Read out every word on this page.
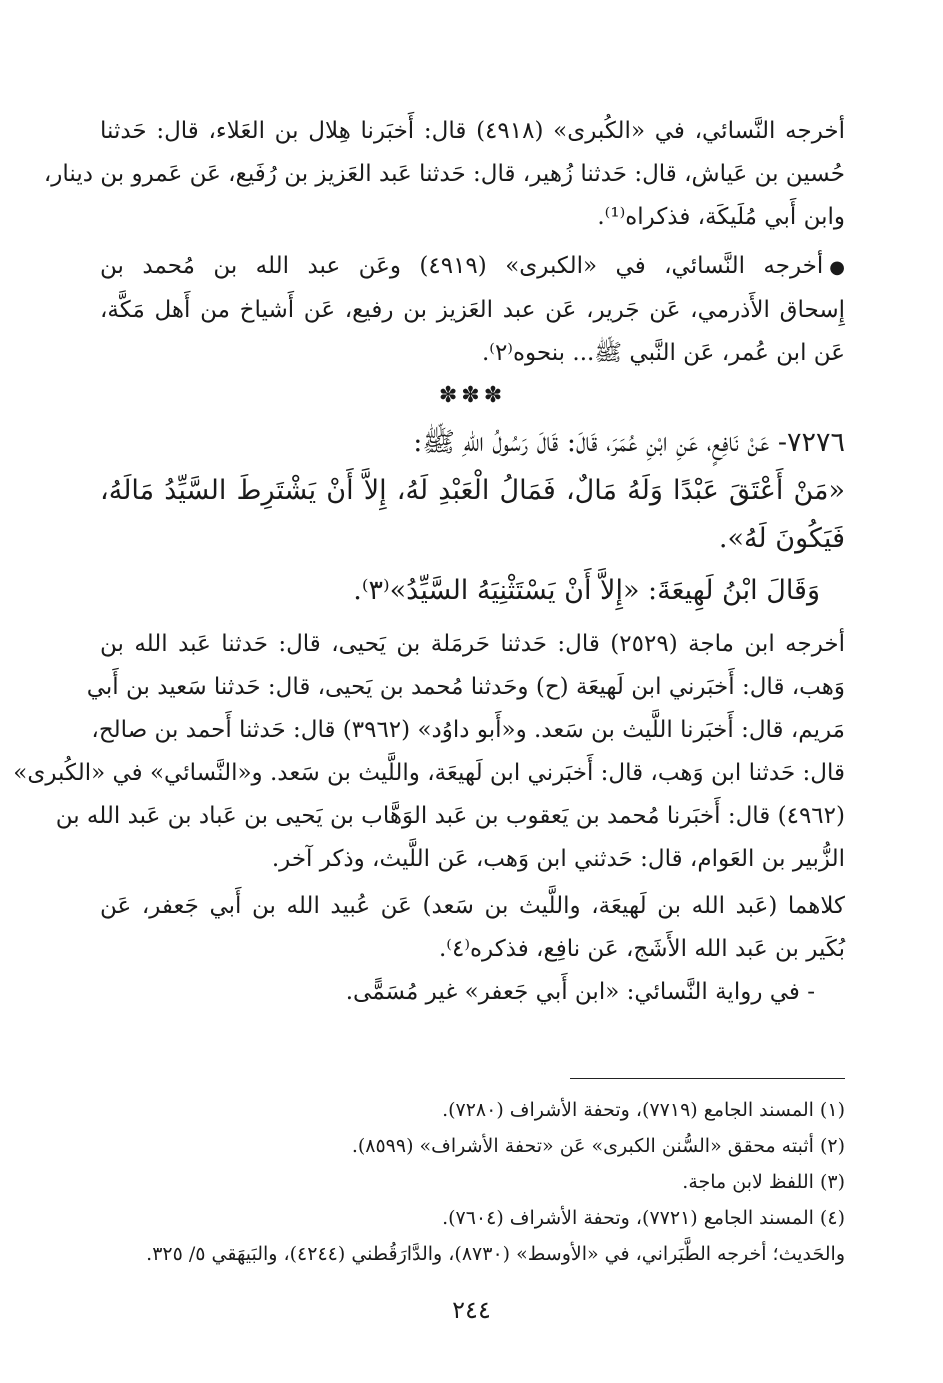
أخرجه النَّسائي، في «الكُبرى» (٤٩١٨) قال: أَخبَرنا هِلال بن العَلاء، قال: حَدثنا
حُسين بن عَياش، قال: حَدثنا زُهير، قال: حَدثنا عَبد العَزيز بن رُفَيع، عَن عَمرو بن دينار،
وابن أَبي مُلَيكَة، فذكراه⁽¹⁾.

●أخرجه النَّسائي، في «الكبرى» (٤٩١٩) وعَن عبد الله بن مُحمد بن
إِسحاق الأَذرمي، عَن جَرير، عَن عبد العَزيز بن رفيع، عَن أَشياخ من أَهل مَكَّة،
عَن ابن عُمر، عَن النَّبي ﷺ... بنحوه⁽٢⁾.

✽✽✽

٧٢٧٦- عَنْ نَافِعٍ، عَنِ ابْنِ عُمَرَ، قَالَ: قَالَ رَسُولُ اللهِ ﷺ:
«مَنْ أَعْتَقَ عَبْدًا وَلَهُ مَالٌ، فَمَالُ الْعَبْدِ لَهُ، إِلاَّ أَنْ يَشْتَرِطَ السَّيِّدُ مَالَهُ،
فَيَكُونَ لَهُ».

وَقَالَ ابْنُ لَهِيعَةَ: «إِلاَّ أَنْ يَسْتَثْنِيَهُ السَّيِّدُ»⁽٣⁾.

أخرجه ابن ماجة (٢٥٢٩) قال: حَدثنا حَرمَلة بن يَحيى، قال: حَدثنا عَبد الله بن
وَهب، قال: أَخبَرني ابن لَهيعَة (ح) وحَدثنا مُحمد بن يَحيى، قال: حَدثنا سَعيد بن أَبي
مَريم، قال: أَخبَرنا اللَّيث بن سَعد. و«أَبو داوُد» (٣٩٦٢) قال: حَدثنا أَحمد بن صالح،
قال: حَدثنا ابن وَهب، قال: أَخبَرني ابن لَهيعَة، واللَّيث بن سَعد. و«النَّسائي» في «الكُبرى»
(٤٩٦٢) قال: أَخبَرنا مُحمد بن يَعقوب بن عَبد الوَهَّاب بن يَحيى بن عَباد بن عَبد الله بن
الزُّبير بن العَوام، قال: حَدثني ابن وَهب، عَن اللَّيث، وذكر آخر.

كلاهما (عَبد الله بن لَهيعَة، واللَّيث بن سَعد) عَن عُبيد الله بن أَبي جَعفر، عَن
بُكَير بن عَبد الله الأَشَج، عَن نافِع، فذكره⁽٤⁾.

- في رواية النَّسائي: «ابن أَبي جَعفر» غير مُسَمًّى.

(١) المسند الجامع (٧٧١٩)، وتحفة الأشراف (٧٢٨٠).
(٢) أثبته محقق «السُّنن الكبرى» عَن «تحفة الأشراف» (٨٥٩٩).
(٣) اللفظ لابن ماجة.
(٤) المسند الجامع (٧٧٢١)، وتحفة الأشراف (٧٦٠٤).
والحَديث؛ أخرجه الطَّبَراني، في «الأوسط» (٨٧٣٠)، والدَّارَقُطني (٤٢٤٤)، والبَيهَقي ٥/ ٣٢٥.
٢٤٤
